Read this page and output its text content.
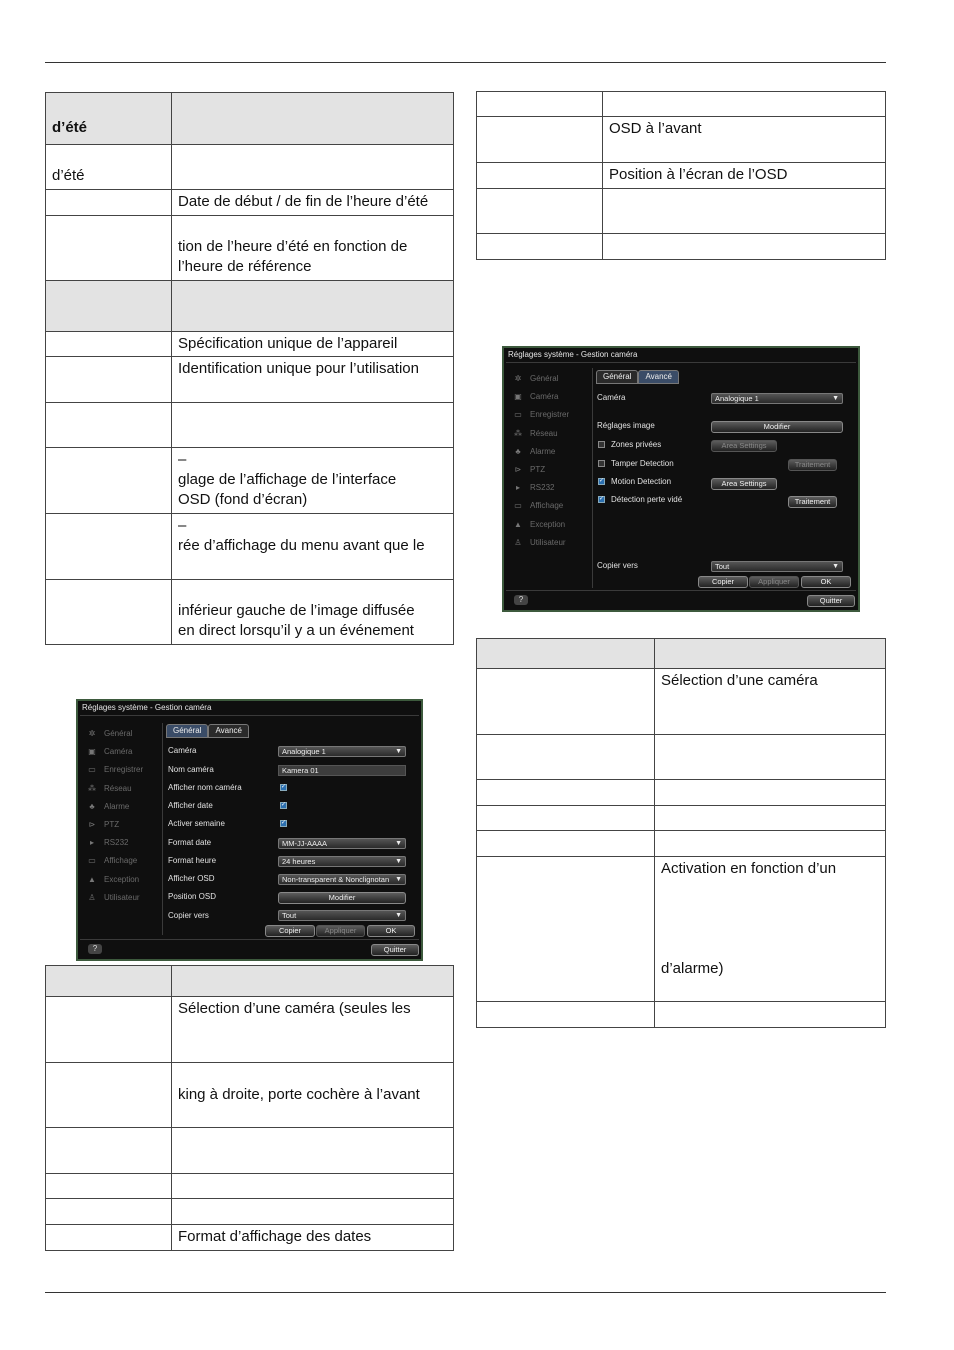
d’été	
d’été	
	Date de début / de fin de l’heure d’été
	tion de l’heure d’été en fonction de l’heure de référence

	Spécification unique de l’appareil
	Identification unique pour l’utilisation

	–
glage de l’affichage de l’interface
OSD (fond d’écran)
	–
rée d’affichage du menu avant que le
	inférieur gauche de l’image diffusée
en direct lorsqu’il y a un événement

	Sélection d’une caméra (seules les
	king à droite, porte cochère à l’avant

	Format d’affichage des dates

	OSD à l’avant
	Position à l’écran de l’OSD

	Sélection d’une caméra

	Activation en fonction d’un

d’alarme)

Réglages système - Gestion caméra
✲	Général
▣ Caméra
▭ Enregistrer
⁂ Réseau
♣	Alarme
⊳	PTZ
▸	RS232
▭ Affichage
▲ Exception
♙	Utilisateur
Général	Avancé
Caméra	Analogique 1	▼
Nom caméra	Kamera 01
Afficher nom caméra	✓
Afficher date	✓
Activer semaine	✓
Format date	MM-JJ-AAAA	▼
Format heure	24 heures	▼
Afficher OSD	Non-transparent & Nonclignotan ▼
Position OSD	Modifier
Copier vers	Tout	▼
Copier	Appliquer	OK
?	Quitter
Réglages système - Gestion caméra
✲	Général
▣ Caméra
▭ Enregistrer
⁂ Réseau
♣	Alarme
⊳	PTZ
▸	RS232
▭ Affichage
▲ Exception
♙	Utilisateur
Général	Avancé
Caméra	Analogique 1	▼
Réglages image	Modifier
Zones privées	Area Settings
Tamper Detection	Traitement
✓ Motion Detection	Area Settings
✓ Détection perte vidé	Traitement
Copier vers	Tout	▼
Copier	Appliquer	OK
?	Quitter
